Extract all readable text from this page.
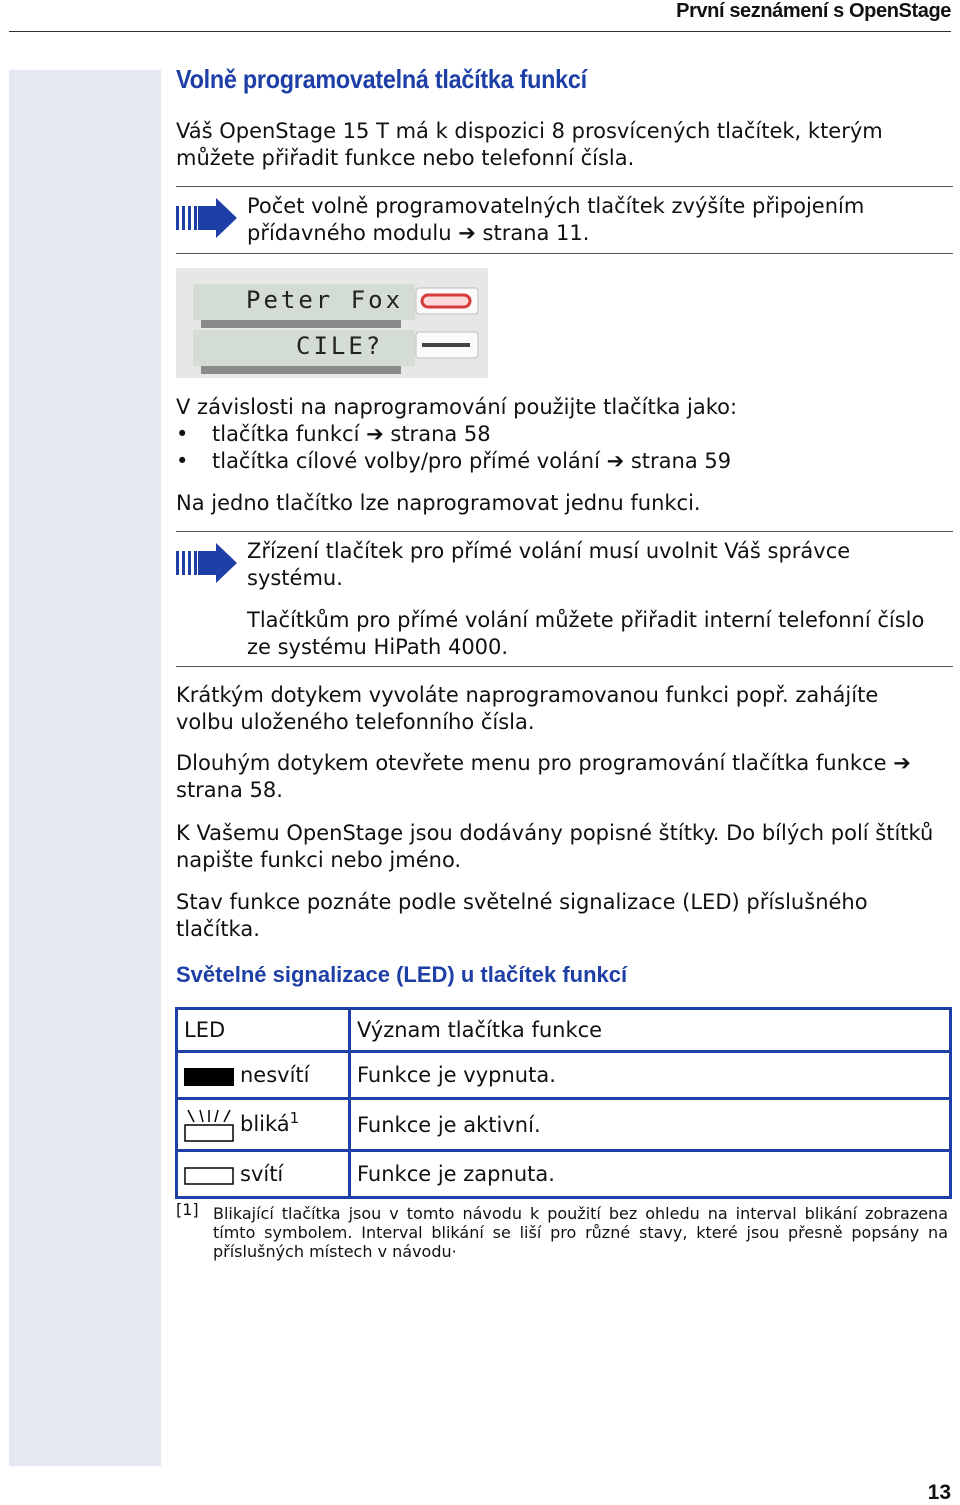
První seznámení s OpenStage
Volně programovatelná tlačítka funkcí
Váš OpenStage 15 T má k dispozici 8 prosvícených tlačítek, kterým můžete přiřadit funkce nebo telefonní čísla.
Počet volně programovatelných tlačítek zvýšíte připojením přídavného modulu ➔ strana 11.
Peter Fox
CILE?
V závislosti na naprogramování použijte tlačítka jako:
• tlačítka funkcí ➔ strana 58
• tlačítka cílové volby/pro přímé volání ➔ strana 59
Na jedno tlačítko lze naprogramovat jednu funkci.
Zřízení tlačítek pro přímé volání musí uvolnit Váš správce systému.
Tlačítkům pro přímé volání můžete přiřadit interní telefonní číslo ze systému HiPath 4000.
Krátkým dotykem vyvoláte naprogramovanou funkci popř. zahájíte volbu uloženého telefonního čísla.
Dlouhým dotykem otevřete menu pro programování tlačítka funkce ➔ strana 58.
K Vašemu OpenStage jsou dodávány popisné štítky. Do bílých polí štítků napište funkci nebo jméno.
Stav funkce poznáte podle světelné signalizace (LED) příslušného tlačítka.
Světelné signalizace (LED) u tlačítek funkcí
LED	Význam tlačítka funkce
nesvítí	Funkce je vypnuta.
bliká$^1$	Funkce je aktivní.
svítí	Funkce je zapnuta.
[1] Blikající tlačítka jsou v tomto návodu k použití bez ohledu na interval blikání zobrazena tímto symbolem. Interval blikání se liší pro různé stavy, které jsou přesně popsány na příslušných místech v návodu·
13
